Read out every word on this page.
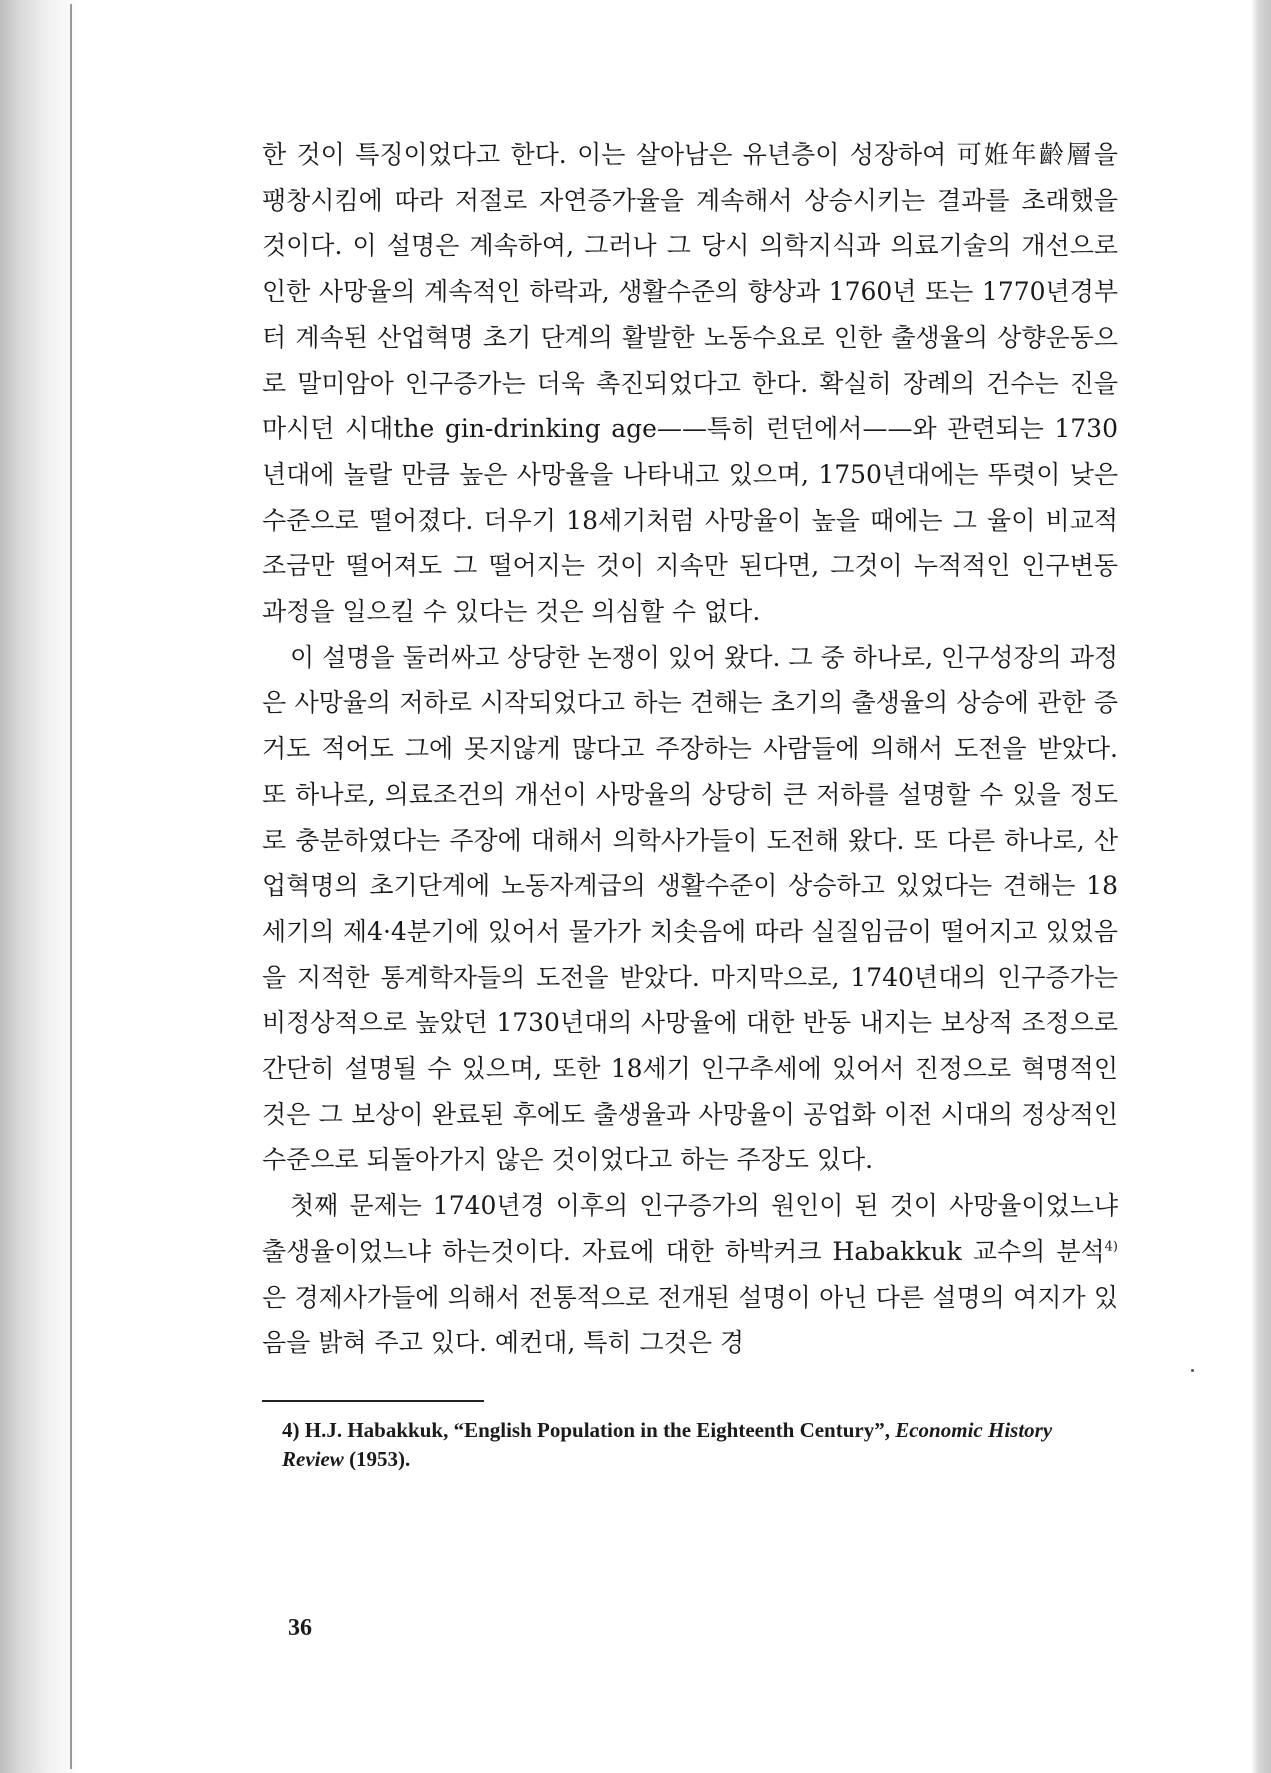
한 것이 특징이었다고 한다. 이는 살아남은 유년층이 성장하여 可姙年齡層을 팽창시킴에 따라 저절로 자연증가율을 계속해서 상승시키는 결과를 초래했을 것이다. 이 설명은 계속하여, 그러나 그 당시 의학지식과 의료기술의 개선으로 인한 사망율의 계속적인 하락과, 생활수준의 향상과 1760년 또는 1770년경부터 계속된 산업혁명 초기 단계의 활발한 노동수요로 인한 출생율의 상향운동으로 말미암아 인구증가는 더욱 촉진되었다고 한다. 확실히 장례의 건수는 진을 마시던 시대the gin-drinking age——특히 런던에서——와 관련되는 1730년대에 놀랄 만큼 높은 사망율을 나타내고 있으며, 1750년대에는 뚜렷이 낮은 수준으로 떨어졌다. 더우기 18세기처럼 사망율이 높을 때에는 그 율이 비교적 조금만 떨어져도 그 떨어지는 것이 지속만 된다면, 그것이 누적적인 인구변동 과정을 일으킬 수 있다는 것은 의심할 수 없다.

이 설명을 둘러싸고 상당한 논쟁이 있어 왔다. 그 중 하나로, 인구성장의 과정은 사망율의 저하로 시작되었다고 하는 견해는 초기의 출생율의 상승에 관한 증거도 적어도 그에 못지않게 많다고 주장하는 사람들에 의해서 도전을 받았다. 또 하나로, 의료조건의 개선이 사망율의 상당히 큰 저하를 설명할 수 있을 정도로 충분하였다는 주장에 대해서 의학사가들이 도전해 왔다. 또 다른 하나로, 산업혁명의 초기단계에 노동자계급의 생활수준이 상승하고 있었다는 견해는 18세기의 제4·4분기에 있어서 물가가 치솟음에 따라 실질임금이 떨어지고 있었음을 지적한 통계학자들의 도전을 받았다. 마지막으로, 1740년대의 인구증가는 비정상적으로 높았던 1730년대의 사망율에 대한 반동 내지는 보상적 조정으로 간단히 설명될 수 있으며, 또한 18세기 인구추세에 있어서 진정으로 혁명적인 것은 그 보상이 완료된 후에도 출생율과 사망율이 공업화 이전 시대의 정상적인 수준으로 되돌아가지 않은 것이었다고 하는 주장도 있다.

첫째 문제는 1740년경 이후의 인구증가의 원인이 된 것이 사망율이었느냐 출생율이었느냐 하는것이다. 자료에 대한 하박커크 Habakkuk 교수의 분석$^{4)}$은 경제사가들에 의해서 전통적으로 전개된 설명이 아닌 다른 설명의 여지가 있음을 밝혀 주고 있다. 예컨대, 특히 그것은 경

4) H.J. Habakkuk, “English Population in the Eighteenth Century”, Economic History Review (1953).

36
